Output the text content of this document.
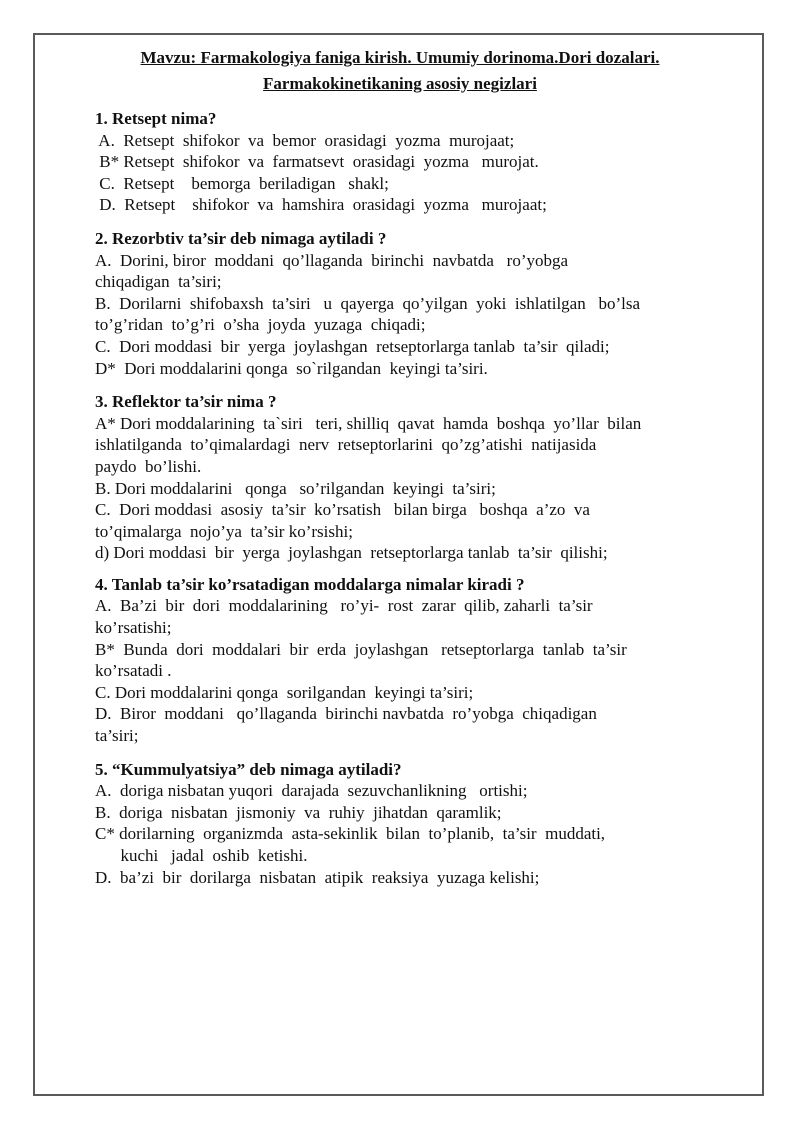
Mavzu: Farmakologiya faniga kirish. Umumiy dorinoma.Dori dozalari.
Farmakokinetikaning asosiy negizlari
1. Retsept nima?
A.  Retsept  shifokor  va  bemor  orasidagi  yozma  murojaat;
B* Retsept  shifokor  va  farmatsevt  orasidagi  yozma   murojat.
C.  Retsept    bemorga  beriladigan   shakl;
D.  Retsept    shifokor  va  hamshira  orasidagi  yozma   murojaat;
2. Rezorbtiv ta’sir deb nimaga aytiladi ?
A.  Dorini, biror  moddani  qo’llaganda  birinchi  navbatda   ro’yobga
chiqadigan  ta’siri;
B.  Dorilarni  shifobaxsh  ta’siri   u  qayerga  qo’yilgan  yoki  ishlatilgan   bo’lsa
to’g’ridan  to’g’ri  o’sha  joyda  yuzaga  chiqadi;
C.  Dori moddasi  bir  yerga  joylashgan  retseptorlarga tanlab  ta’sir  qiladi;
D*  Dori moddalarini qonga  so`rilgandan  keyingi ta’siri.
3. Reflektor ta’sir nima ?
A* Dori moddalarining  ta`siri   teri, shilliq  qavat  hamda  boshqa  yo’llar  bilan
ishlatilganda  to’qimalardagi  nerv  retseptorlarini  qo’zg’atishi  natijasida
paydo  bo’lishi.
B. Dori moddalarini   qonga   so’rilgandan  keyingi  ta’siri;
C.  Dori moddasi  asosiy  ta’sir  ko’rsatish   bilan birga   boshqa  a’zo  va
to’qimalarga  nojo’ya  ta’sir ko’rsishi;
d) Dori moddasi  bir  yerga  joylashgan  retseptorlarga tanlab  ta’sir  qilishi;
4. Tanlab ta’sir ko’rsatadigan moddalarga nimalar kiradi ?
A.  Ba’zi  bir  dori  moddalarining   ro’yi-  rost  zarar  qilib, zaharli  ta’sir
ko’rsatishi;
B*  Bunda  dori  moddalari  bir  erda  joylashgan   retseptorlarga  tanlab  ta’sir
ko’rsatadi .
C. Dori moddalarini qonga  sorilgandan  keyingi ta’siri;
D.  Biror  moddani   qo’llaganda  birinchi navbatda  ro’yobga  chiqadigan
ta’siri;
5. “Kummulyatsiya” deb nimaga aytiladi?
A.  doriga nisbatan yuqori  darajada  sezuvchanlikning   ortishi;
B.  doriga  nisbatan  jismoniy  va  ruhiy  jihatdan  qaramlik;
C* dorilarning  organizmda  asta-sekinlik  bilan  to’planib,  ta’sir  muddati,
kuchi   jadal  oshib  ketishi.
D.  ba’zi  bir  dorilarga  nisbatan  atipik  reaksiya  yuzaga kelishi;
